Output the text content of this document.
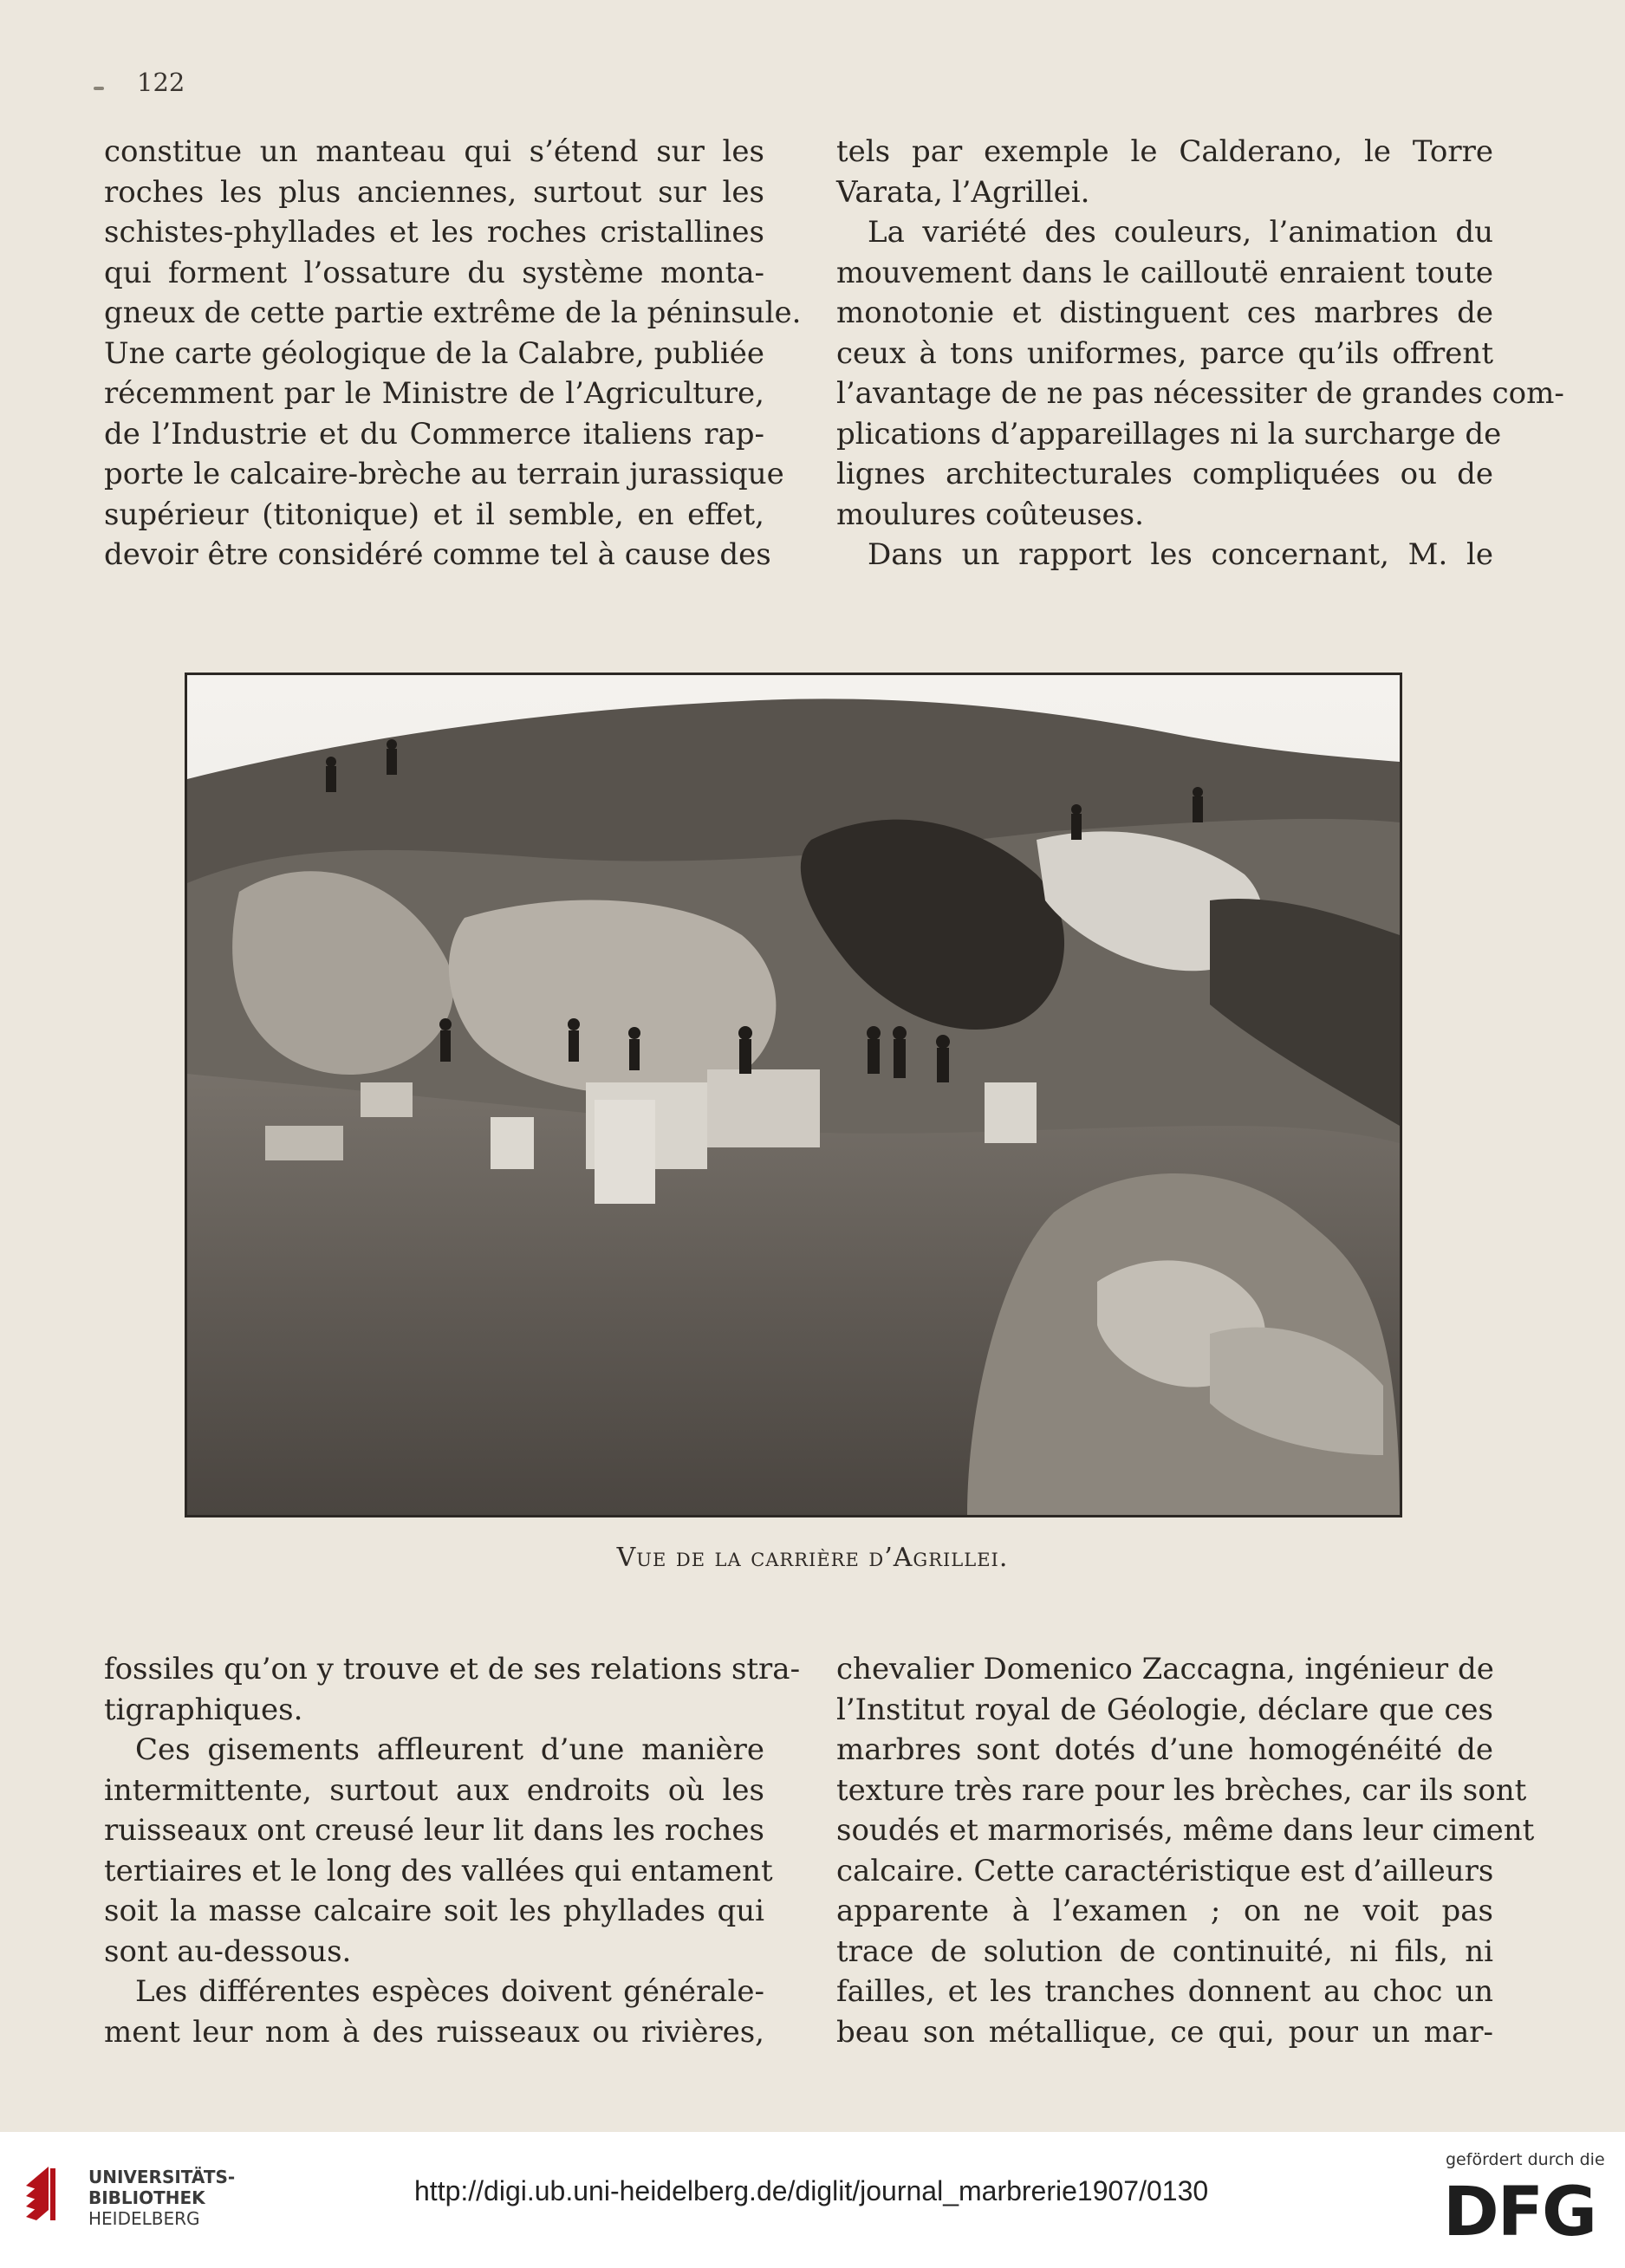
122

constitue un manteau qui s’étend sur les

roches les plus anciennes, surtout sur les

schistes-phyllades et les roches cristallines

qui forment l’ossature du système monta-

gneux de cette partie extrême de la péninsule.

Une carte géologique de la Calabre, publiée

récemment par le Ministre de l’Agriculture,

de l’Industrie et du Commerce italiens rap-

porte le calcaire-brèche au terrain jurassique

supérieur (titonique) et il semble, en effet,

devoir être considéré comme tel à cause des

tels par exemple le Calderano, le Torre

Varata, l’Agrillei.

La variété des couleurs, l’animation du

mouvement dans le cailloutë enraient toute

monotonie et distinguent ces marbres de

ceux à tons uniformes, parce qu’ils offrent

l’avantage de ne pas nécessiter de grandes com-

plications d’appareillages ni la surcharge de

lignes architecturales compliquées ou de

moulures coûteuses.

Dans un rapport les concernant, M. le

Vue de la carrière d’Agrillei.

fossiles qu’on y trouve et de ses relations stra-

tigraphiques.

Ces gisements affleurent d’une manière

intermittente, surtout aux endroits où les

ruisseaux ont creusé leur lit dans les roches

tertiaires et le long des vallées qui entament

soit la masse calcaire soit les phyllades qui

sont au-dessous.

Les différentes espèces doivent générale-

ment leur nom à des ruisseaux ou rivières,

chevalier Domenico Zaccagna, ingénieur de

l’Institut royal de Géologie, déclare que ces

marbres sont dotés d’une homogénéité de

texture très rare pour les brèches, car ils sont

soudés et marmorisés, même dans leur ciment

calcaire. Cette caractéristique est d’ailleurs

apparente à l’examen ; on ne voit pas

trace de solution de continuité, ni fils, ni

failles, et les tranches donnent au choc un

beau son métallique, ce qui, pour un mar-

UNIVERSITÄTS-
BIBLIOTHEK
HEIDELBERG
http://digi.ub.uni-heidelberg.de/diglit/journal_marbrerie1907/0130
gefördert durch die
DFG
